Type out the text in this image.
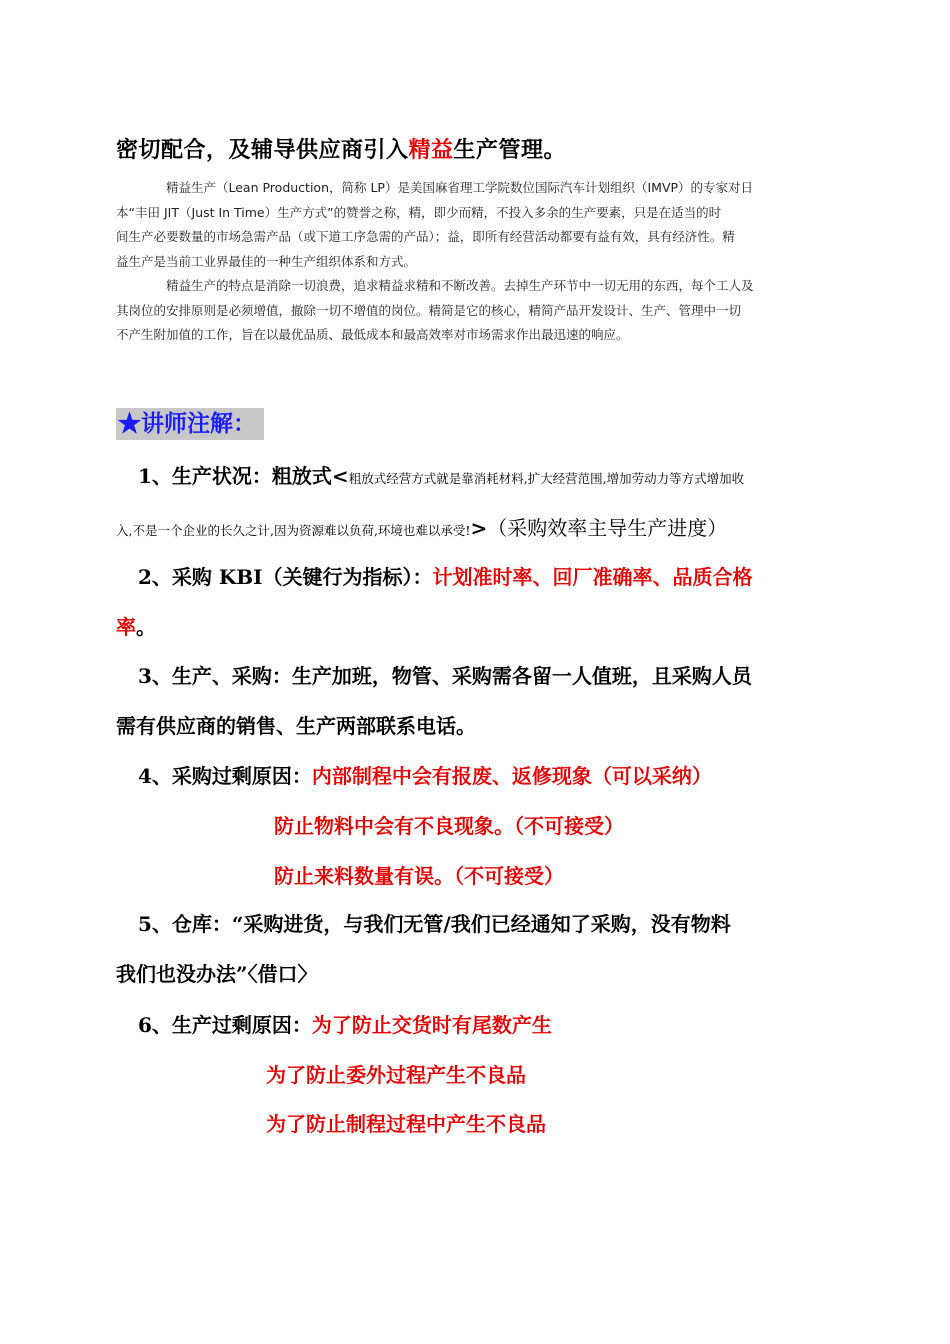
密切配合，及辅导供应商引入精益生产管理。
精益生产（Lean Production，简称 LP）是美国麻省理工学院数位国际汽车计划组织（IMVP）的专家对日
本“丰田 JIT（Just In Time）生产方式”的赞誉之称，精，即少而精，不投入多余的生产要素，只是在适当的时
间生产必要数量的市场急需产品（或下道工序急需的产品）；益，即所有经营活动都要有益有效，具有经济性。精
益生产是当前工业界最佳的一种生产组织体系和方式。
精益生产的特点是消除一切浪费，追求精益求精和不断改善。去掉生产环节中一切无用的东西，每个工人及
其岗位的安排原则是必须增值，撤除一切不增值的岗位。精简是它的核心，精简产品开发设计、生产、管理中一切
不产生附加值的工作，旨在以最优品质、最低成本和最高效率对市场需求作出最迅速的响应。
★讲师注解：
1、生产状况：粗放式<粗放式经营方式就是靠消耗材料,扩大经营范围,增加劳动力等方式增加收
入,不是一个企业的长久之计,因为资源难以负荷,环境也难以承受!>（采购效率主导生产进度）
2、采购 KBI（关键行为指标）：计划准时率、回厂准确率、品质合格
率。
3、生产、采购：生产加班，物管、采购需各留一人值班，且采购人员
需有供应商的销售、生产两部联系电话。
4、采购过剩原因：内部制程中会有报废、返修现象（可以采纳）
防止物料中会有不良现象。（不可接受）
防止来料数量有误。（不可接受）
5、仓库：“采购进货，与我们无管/我们已经通知了采购，没有物料
我们也没办法”〈借口〉
6、生产过剩原因：为了防止交货时有尾数产生
为了防止委外过程产生不良品
为了防止制程过程中产生不良品
